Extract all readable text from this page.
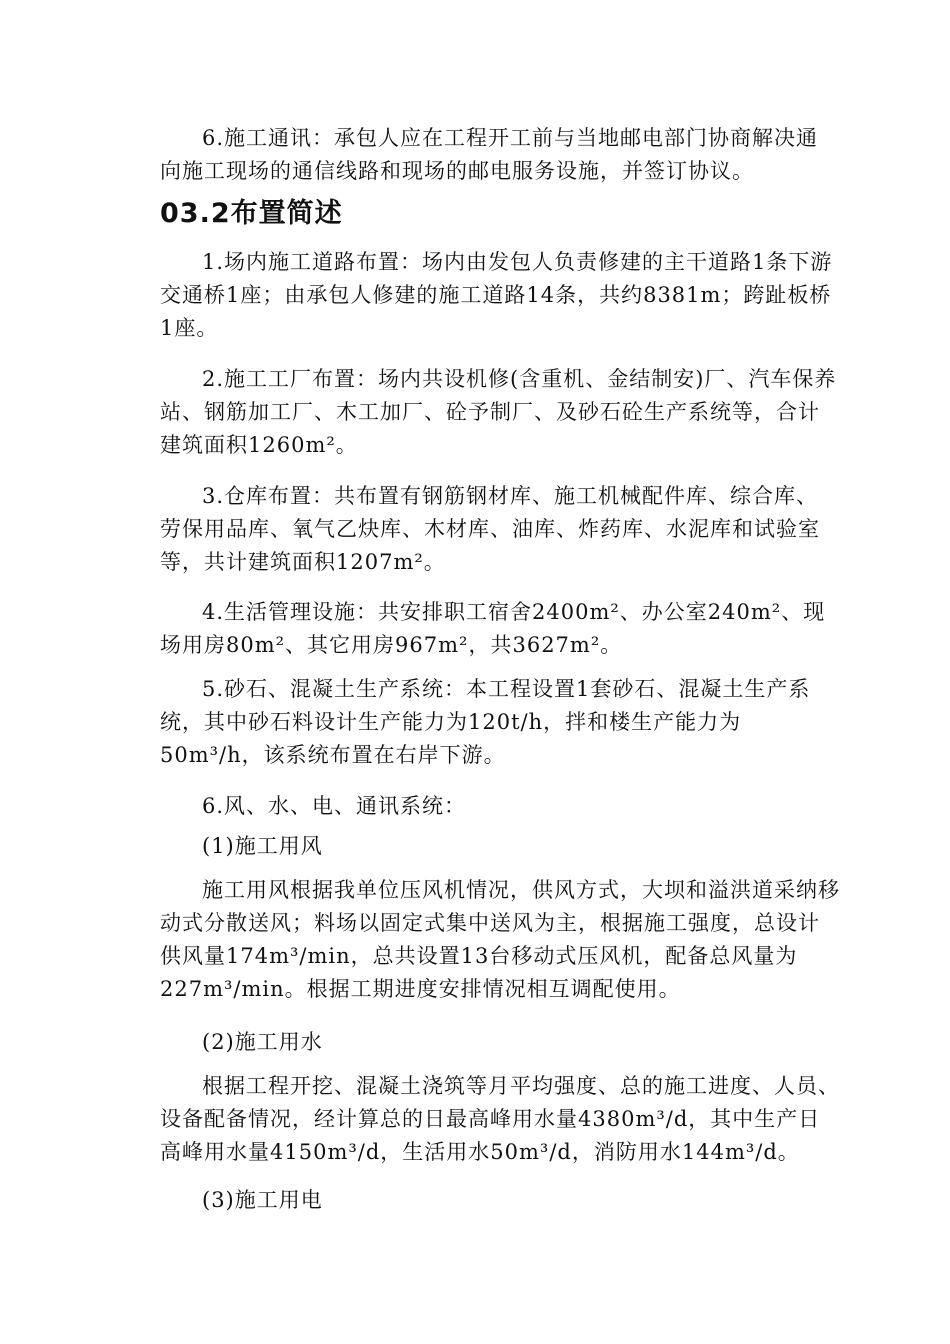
6.施工通讯：承包人应在工程开工前与当地邮电部门协商解决通向施工现场的通信线路和现场的邮电服务设施，并签订协议。

03.2布置简述

1.场内施工道路布置：场内由发包人负责修建的主干道路1条下游交通桥1座；由承包人修建的施工道路14条，共约8381m；跨趾板桥1座。

2.施工工厂布置：场内共设机修(含重机、金结制安)厂、汽车保养站、钢筋加工厂、木工加厂、砼予制厂、及砂石砼生产系统等，合计建筑面积1260m²。

3.仓库布置：共布置有钢筋钢材库、施工机械配件库、综合库、劳保用品库、氧气乙炔库、木材库、油库、炸药库、水泥库和试验室等，共计建筑面积1207m²。

4.生活管理设施：共安排职工宿舍2400m²、办公室240m²、现场用房80m²、其它用房967m²，共3627m²。

5.砂石、混凝土生产系统：本工程设置1套砂石、混凝土生产系统，其中砂石料设计生产能力为120t/h，拌和楼生产能力为50m³/h，该系统布置在右岸下游。

6.风、水、电、通讯系统：

(1)施工用风

施工用风根据我单位压风机情况，供风方式，大坝和溢洪道采纳移动式分散送风；料场以固定式集中送风为主，根据施工强度，总设计供风量174m³/min，总共设置13台移动式压风机，配备总风量为227m³/min。根据工期进度安排情况相互调配使用。

(2)施工用水

根据工程开挖、混凝土浇筑等月平均强度、总的施工进度、人员、设备配备情况，经计算总的日最高峰用水量4380m³/d，其中生产日高峰用水量4150m³/d，生活用水50m³/d，消防用水144m³/d。

(3)施工用电
